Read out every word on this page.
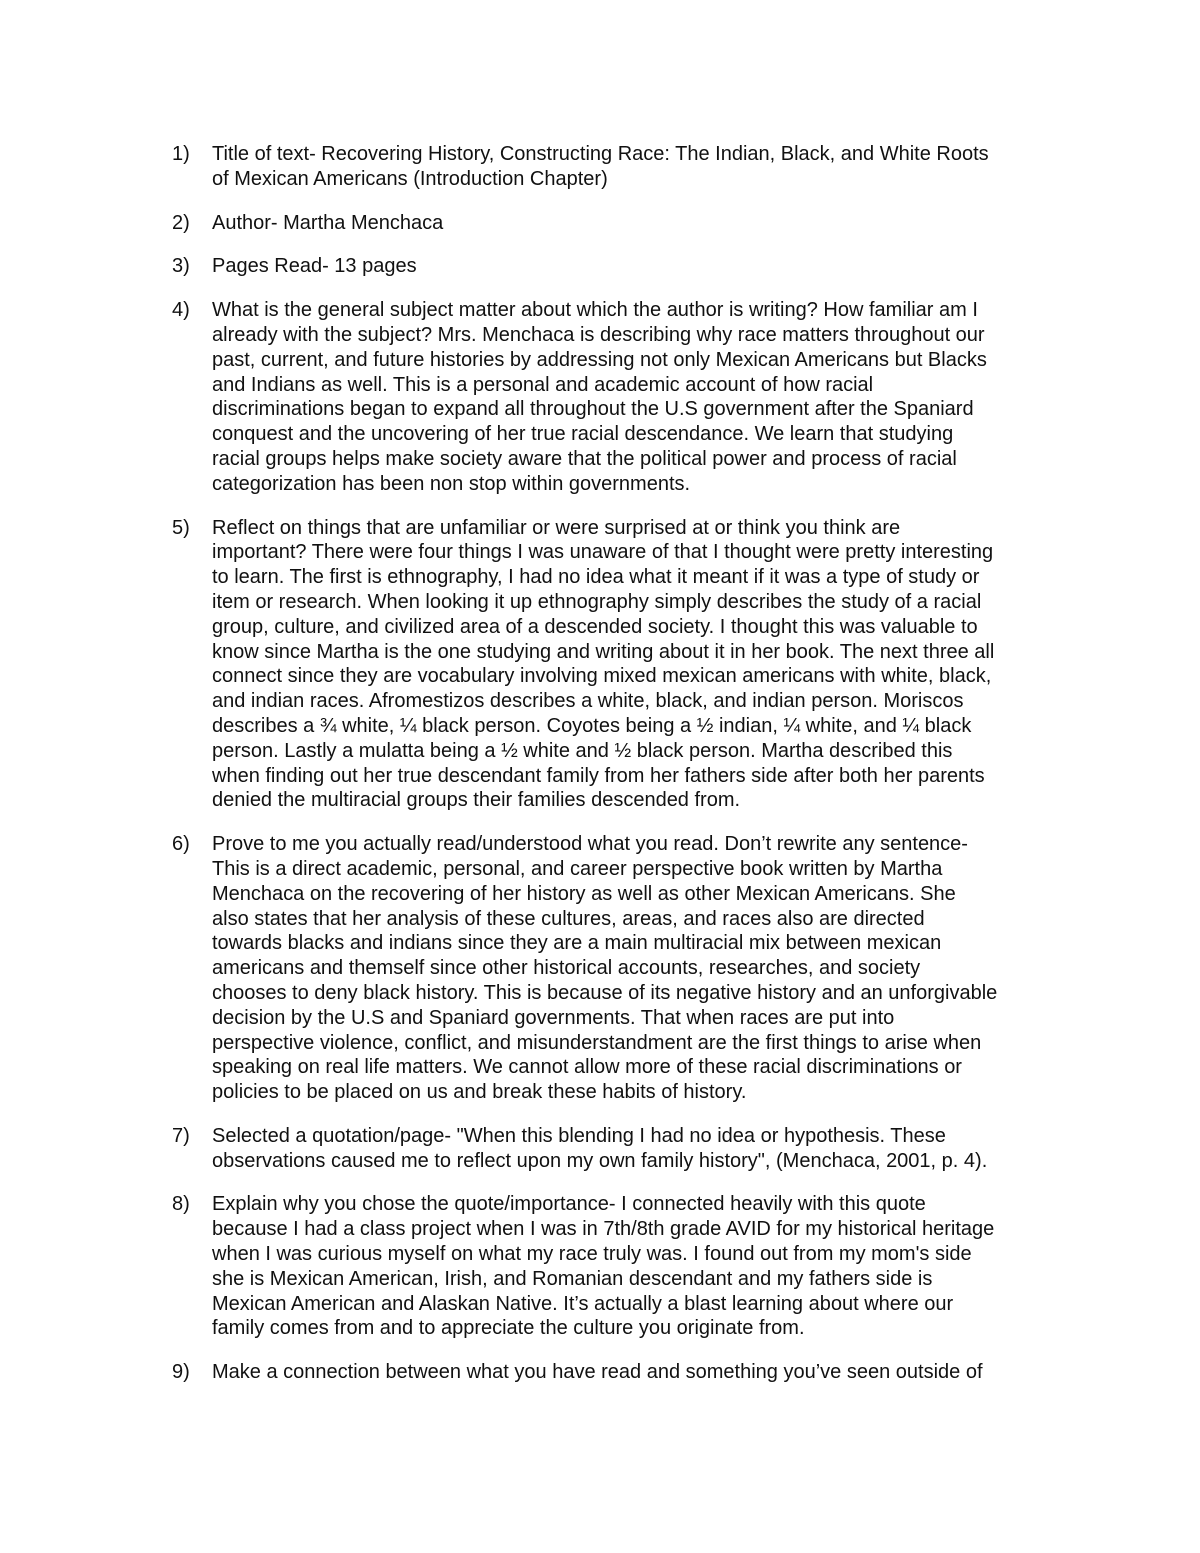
1)	Title of text- Recovering History, Constructing Race: The Indian, Black, and White Roots
of Mexican Americans (Introduction Chapter)
2)	Author- Martha Menchaca
3)	Pages Read- 13 pages
4)	What is the general subject matter about which the author is writing? How familiar am I
already with the subject? Mrs. Menchaca is describing why race matters throughout our
past, current, and future histories by addressing not only Mexican Americans but Blacks
and Indians as well. This is a personal and academic account of how racial
discriminations began to expand all throughout the U.S government after the Spaniard
conquest and the uncovering of her true racial descendance. We learn that studying
racial groups helps make society aware that the political power and process of racial
categorization has been non stop within governments.
5)	Reflect on things that are unfamiliar or were surprised at or think you think are
important? There were four things I was unaware of that I thought were pretty interesting
to learn. The first is ethnography, I had no idea what it meant if it was a type of study or
item or research. When looking it up ethnography simply describes the study of a racial
group, culture, and civilized area of a descended society. I thought this was valuable to
know since Martha is the one studying and writing about it in her book. The next three all
connect since they are vocabulary involving mixed mexican americans with white, black,
and indian races. Afromestizos describes a white, black, and indian person. Moriscos
describes a ¾ white, ¼ black person. Coyotes being a ½ indian, ¼ white, and ¼ black
person. Lastly a mulatta being a ½ white and ½ black person. Martha described this
when finding out her true descendant family from her fathers side after both her parents
denied the multiracial groups their families descended from.
6)	Prove to me you actually read/understood what you read. Don’t rewrite any sentence-
This is a direct academic, personal, and career perspective book written by Martha
Menchaca on the recovering of her history as well as other Mexican Americans. She
also states that her analysis of these cultures, areas, and races also are directed
towards blacks and indians since they are a main multiracial mix between mexican
americans and themself since other historical accounts, researches, and society
chooses to deny black history. This is because of its negative history and an unforgivable
decision by the U.S and Spaniard governments. That when races are put into
perspective violence, conflict, and misunderstandment are the first things to arise when
speaking on real life matters. We cannot allow more of these racial discriminations or
policies to be placed on us and break these habits of history.
7)	Selected a quotation/page- "When this blending I had no idea or hypothesis. These
observations caused me to reflect upon my own family history", (Menchaca, 2001, p. 4).
8)	Explain why you chose the quote/importance- I connected heavily with this quote
because I had a class project when I was in 7th/8th grade AVID for my historical heritage
when I was curious myself on what my race truly was. I found out from my mom's side
she is Mexican American, Irish, and Romanian descendant and my fathers side is
Mexican American and Alaskan Native. It’s actually a blast learning about where our
family comes from and to appreciate the culture you originate from.
9)	Make a connection between what you have read and something you’ve seen outside of
